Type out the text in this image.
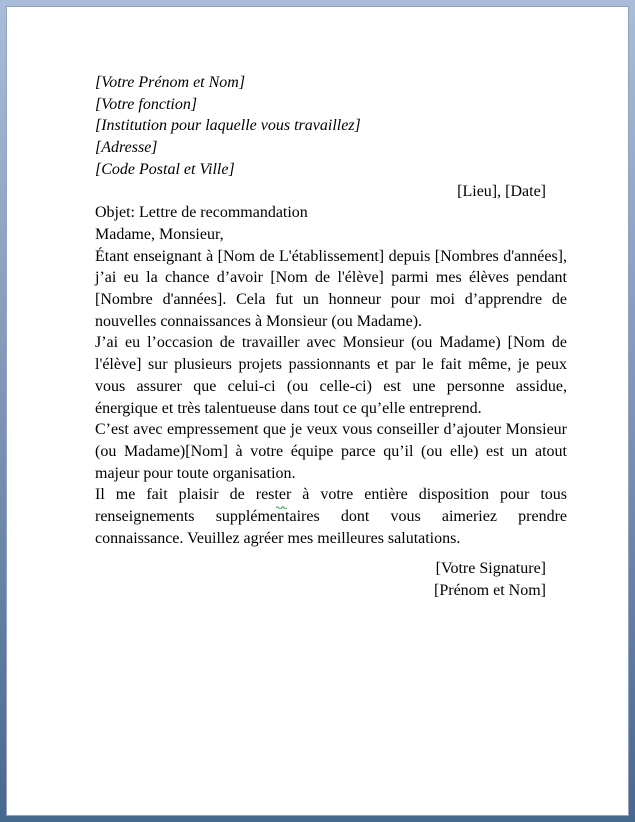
[Votre Prénom et Nom]

[Votre fonction]

[Institution pour laquelle vous travaillez]

[Adresse]

[Code Postal et Ville]

[Lieu], [Date]

Objet: Lettre de recommandation

Madame, Monsieur,

Étant enseignant à [Nom de L'établissement] depuis [Nombres d'années], j’ai eu la chance d’avoir [Nom de l'élève] parmi mes élèves pendant [Nombre d'années]. Cela fut un honneur pour moi d’apprendre de nouvelles connaissances à Monsieur (ou Madame).

J’ai eu l’occasion de travailler avec Monsieur (ou Madame) [Nom de l'élève] sur plusieurs projets passionnants et par le fait même, je peux vous assurer que celui-ci (ou celle-ci) est une personne assidue, énergique et très talentueuse dans tout ce qu’elle entreprend.

C’est avec empressement que je veux vous conseiller d’ajouter Monsieur (ou Madame)[Nom] à votre équipe parce qu’il (ou elle) est un atout majeur pour toute organisation.

Il me fait plaisir de rester à votre entière disposition pour tous renseignements supplémentaires dont vous aimeriez prendre connaissance. Veuillez agréer mes meilleures salutations.

[Votre Signature]

[Prénom et Nom]
